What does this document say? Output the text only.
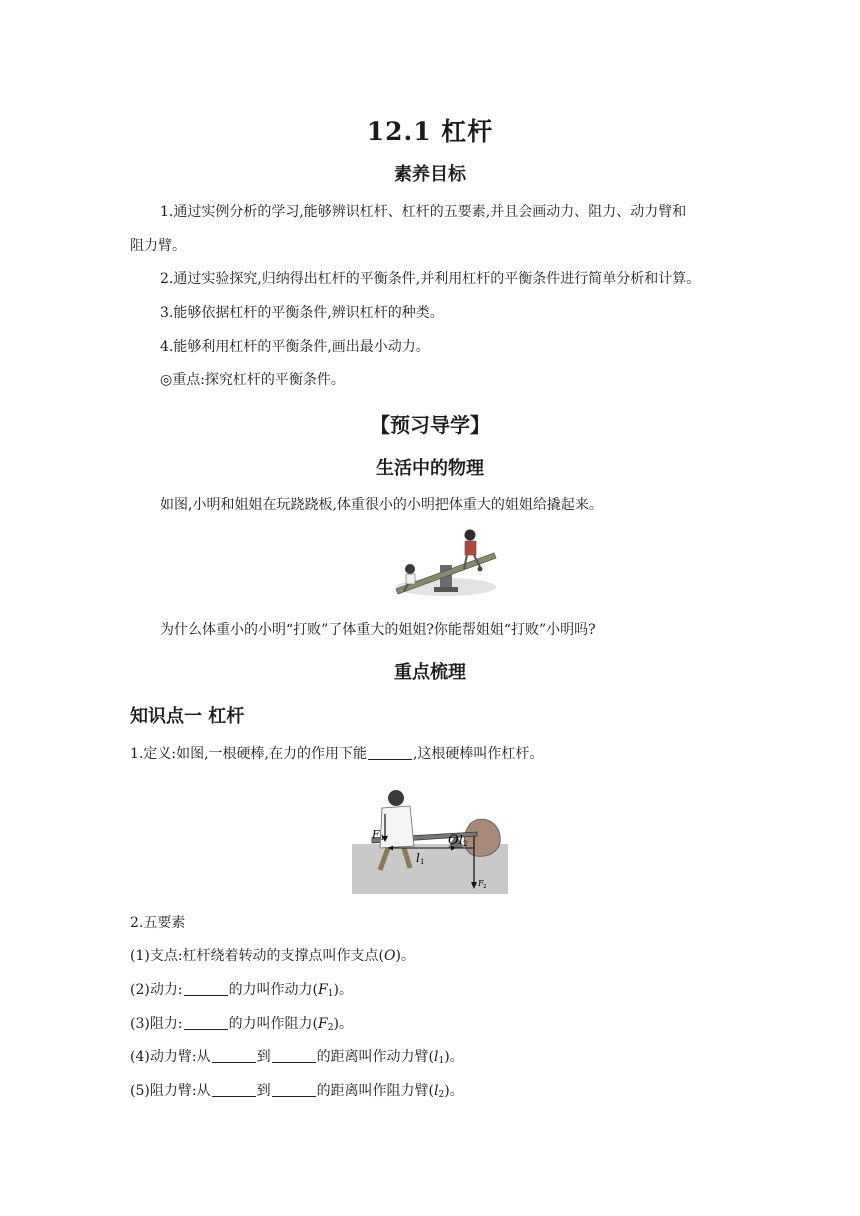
12.1 杠杆
素养目标
1.通过实例分析的学习,能够辨识杠杆、杠杆的五要素,并且会画动力、阻力、动力臂和
阻力臂。
2.通过实验探究,归纳得出杠杆的平衡条件,并利用杠杆的平衡条件进行简单分析和计算。
3.能够依据杠杆的平衡条件,辨识杠杆的种类。
4.能够利用杠杆的平衡条件,画出最小动力。
◎重点:探究杠杆的平衡条件。
【预习导学】
生活中的物理
如图,小明和姐姐在玩跷跷板,体重很小的小明把体重大的姐姐给撬起来。
为什么体重小的小明“打败”了体重大的姐姐?你能帮姐姐“打败”小明吗?
重点梳理
知识点一 杠杆
1.定义:如图,一根硬棒,在力的作用下能	,这根硬棒叫作杠杆。
F 1	O l 2
l 1
F 2
2.五要素
(1)支点:杠杆绕着转动的支撑点叫作支点(O)。
(2)动力:	的力叫作动力$(F_1)$。
(3)阻力:	的力叫作阻力$(F_2)$。
(4)动力臂:从	到	的距离叫作动力臂$(l_1)$。
(5)阻力臂:从	到	的距离叫作阻力臂$(l_2)$。
